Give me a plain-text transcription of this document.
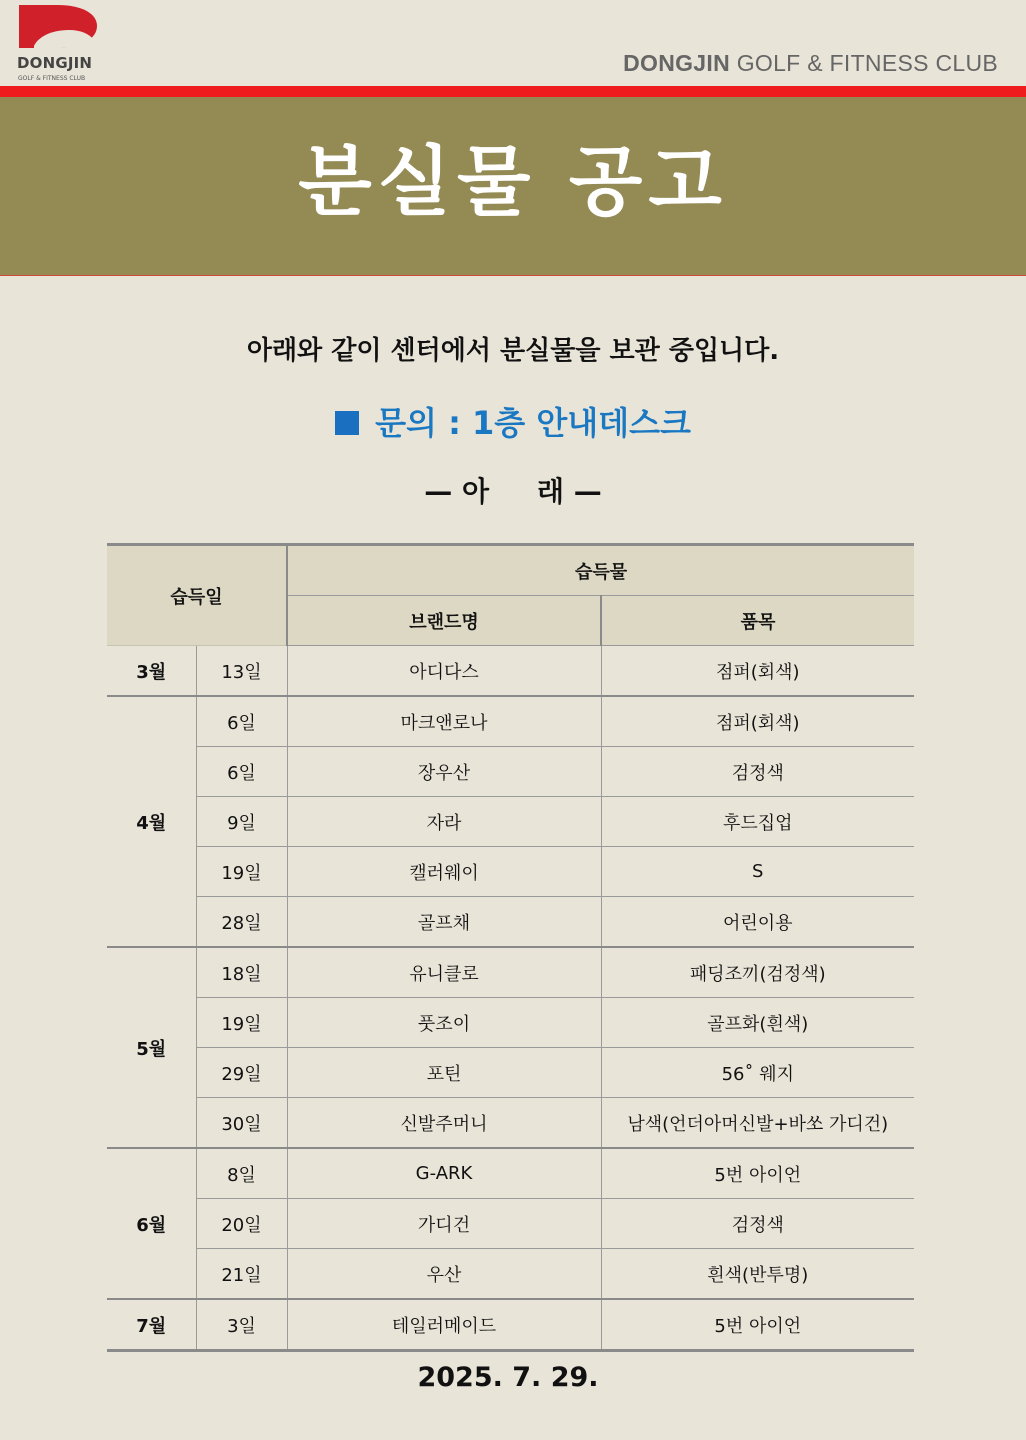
DONGJIN
GOLF & FITNESS CLUB
DONGJIN GOLF & FITNESS CLUB
분실물 공고
아래와 같이 센터에서 분실물을 보관 중입니다.
문의 : 1층 안내데스크
— 아 래 —
습득일		습득물	
		브랜드명	품목
3월	13일	아디다스	점퍼(회색)
4월	6일	마크앤로나	점퍼(회색)
	6일	장우산	검정색
	9일	자라	후드집업
	19일	캘러웨이	S
	28일	골프채	어린이용
5월	18일	유니클로	패딩조끼(검정색)
	19일	풋조이	골프화(흰색)
	29일	포틴	56˚ 웨지
	30일	신발주머니	남색(언더아머신발+바쏘 가디건)
6월	8일	G-ARK	5번 아이언
	20일	가디건	검정색
	21일	우산	흰색(반투명)
7월	3일	테일러메이드	5번 아이언
2025. 7. 29.
